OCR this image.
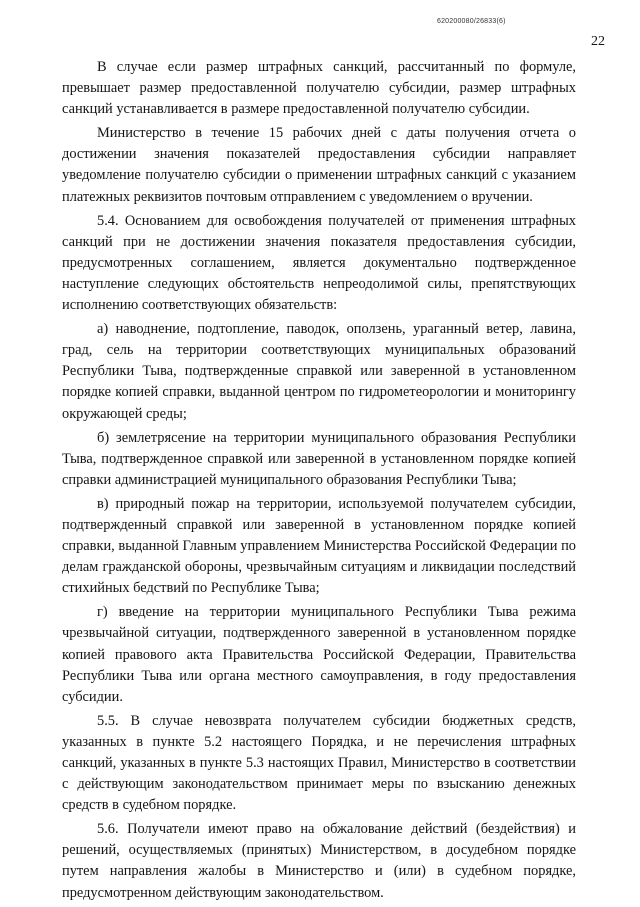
620200080/26833(6)
22

В случае если размер штрафных санкций, рассчитанный по формуле, превышает размер предоставленной получателю субсидии, размер штрафных санкций устанавливается в размере предоставленной получателю субсидии.

Министерство в течение 15 рабочих дней с даты получения отчета о достижении значения показателей предоставления субсидии направляет уведомление получателю субсидии о применении штрафных санкций с указанием платежных реквизитов почтовым отправлением с уведомлением о вручении.

5.4. Основанием для освобождения получателей от применения штрафных санкций при не достижении значения показателя предоставления субсидии, предусмотренных соглашением, является документально подтвержденное наступление следующих обстоятельств непреодолимой силы, препятствующих исполнению соответствующих обязательств:

а) наводнение, подтопление, паводок, оползень, ураганный ветер, лавина, град, сель на территории соответствующих муниципальных образований Республики Тыва, подтвержденные справкой или заверенной в установленном порядке копией справки, выданной центром по гидрометеорологии и мониторингу окружающей среды;

б) землетрясение на территории муниципального образования Республики Тыва, подтвержденное справкой или заверенной в установленном порядке копией справки администрацией муниципального образования Республики Тыва;

в) природный пожар на территории, используемой получателем субсидии, подтвержденный справкой или заверенной в установленном порядке копией справки, выданной Главным управлением Министерства Российской Федерации по делам гражданской обороны, чрезвычайным ситуациям и ликвидации последствий стихийных бедствий по Республике Тыва;

г) введение на территории муниципального Республики Тыва режима чрезвычайной ситуации, подтвержденного заверенной в установленном порядке копией правового акта Правительства Российской Федерации, Правительства Республики Тыва или органа местного самоуправления, в году предоставления субсидии.

5.5. В случае невозврата получателем субсидии бюджетных средств, указанных в пункте 5.2 настоящего Порядка, и не перечисления штрафных санкций, указанных в пункте 5.3 настоящих Правил, Министерство в соответствии с действующим законодательством принимает меры по взысканию денежных средств в судебном порядке.

5.6. Получатели имеют право на обжалование действий (бездействия) и решений, осуществляемых (принятых) Министерством, в досудебном порядке путем направления жалобы в Министерство и (или) в судебном порядке, предусмотренном действующим законодательством.
